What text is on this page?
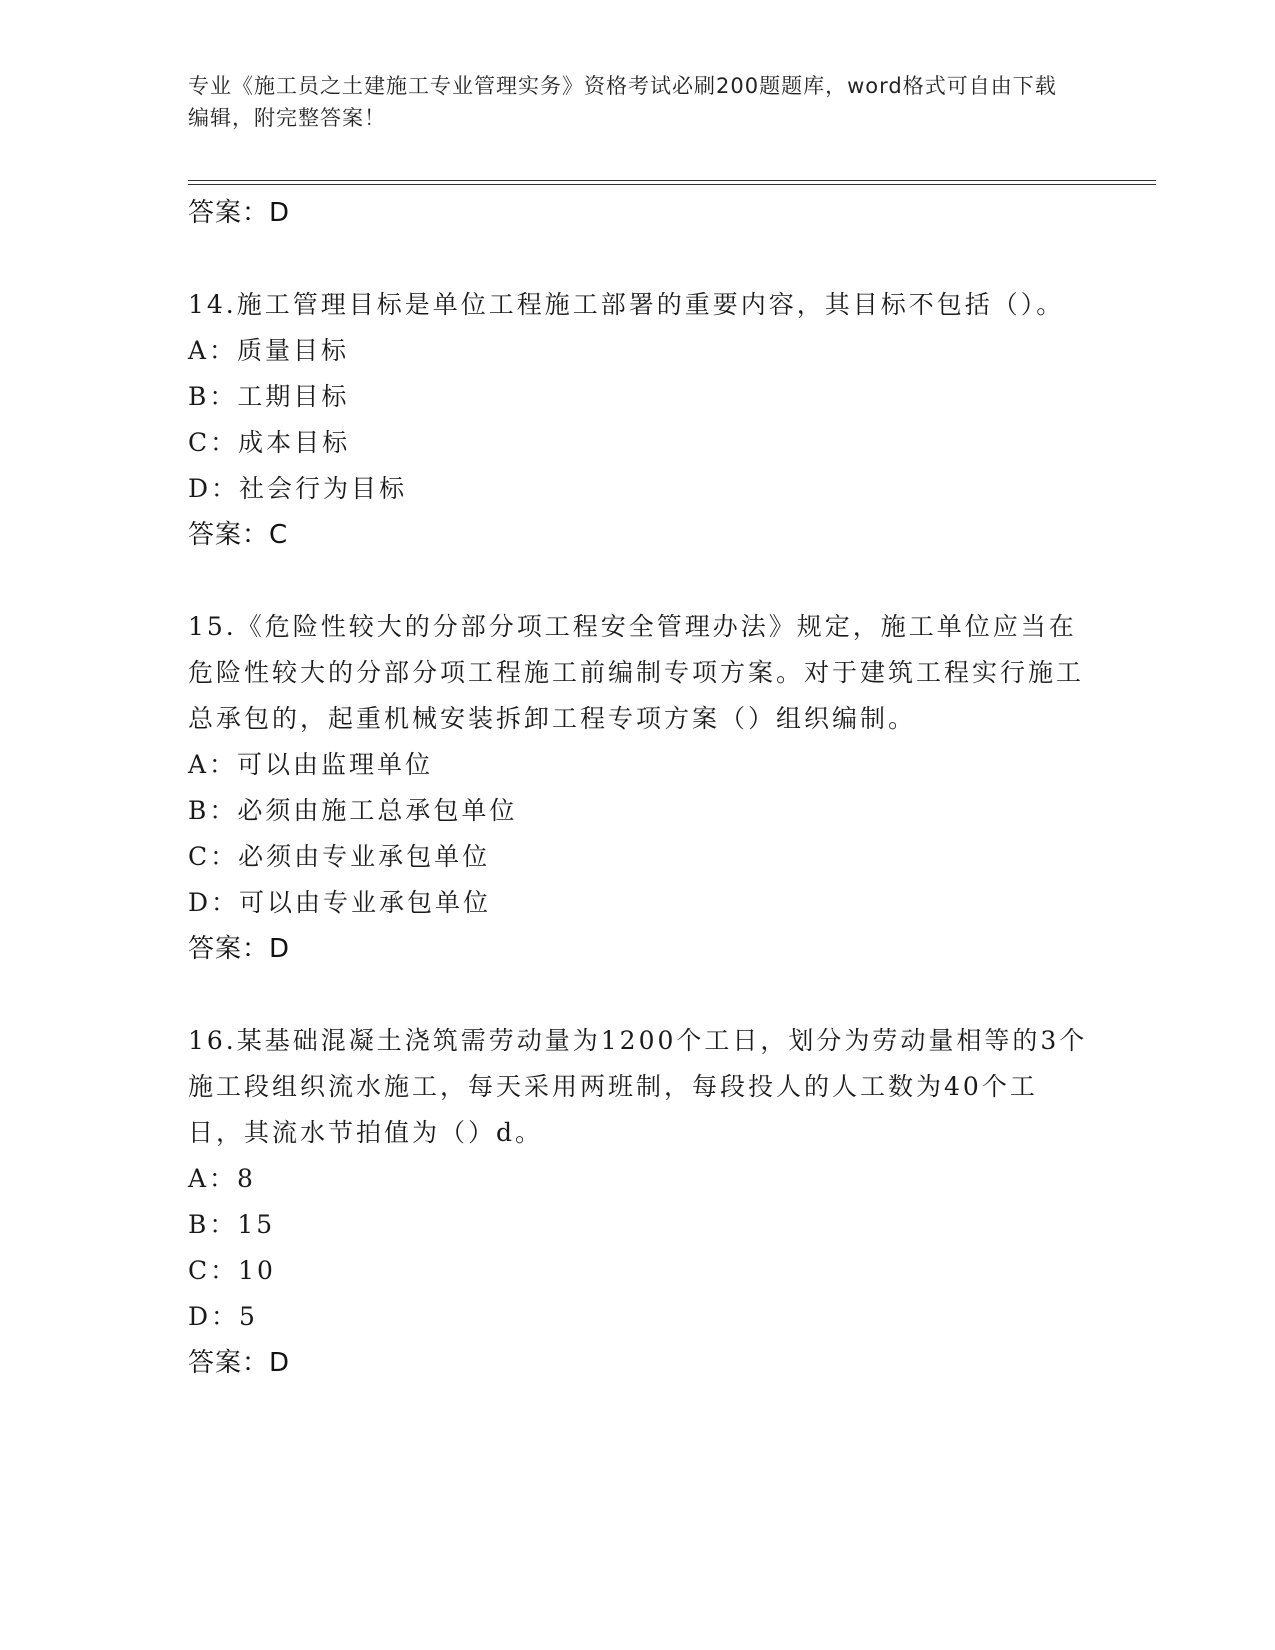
专业《施工员之土建施工专业管理实务》资格考试必刷200题题库，word格式可自由下载编辑，附完整答案！
答案：D
14.施工管理目标是单位工程施工部署的重要内容，其目标不包括（）。
A：质量目标
B：工期目标
C：成本目标
D：社会行为目标
答案：C
15.《危险性较大的分部分项工程安全管理办法》规定，施工单位应当在危险性较大的分部分项工程施工前编制专项方案。对于建筑工程实行施工总承包的，起重机械安装拆卸工程专项方案（）组织编制。
A：可以由监理单位
B：必须由施工总承包单位
C：必须由专业承包单位
D：可以由专业承包单位
答案：D
16.某基础混凝土浇筑需劳动量为1200个工日，划分为劳动量相等的3个施工段组织流水施工，每天采用两班制，每段投人的人工数为40个工日，其流水节拍值为（）d。
A：8
B：15
C：10
D：5
答案：D
